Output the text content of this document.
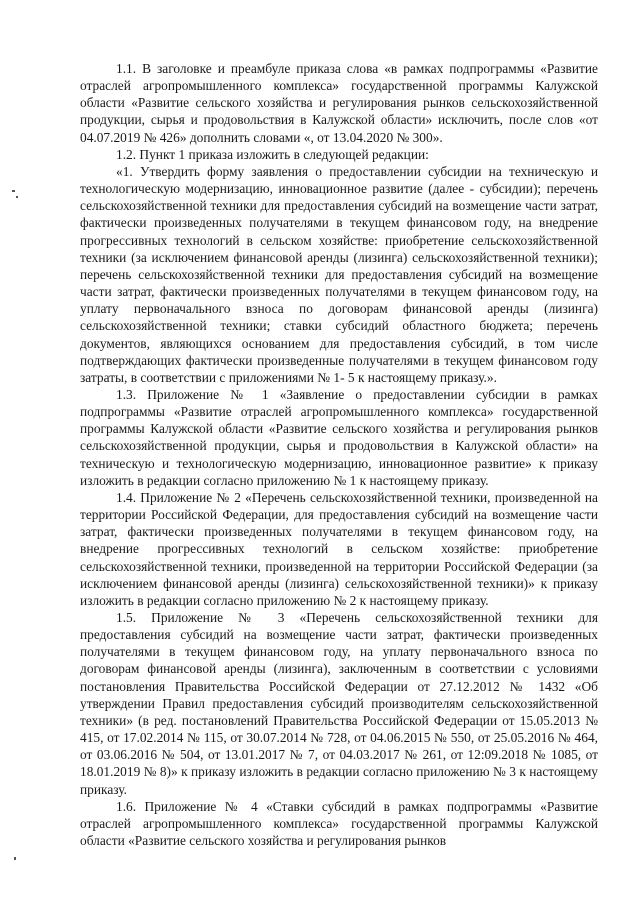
1.1. В заголовке и преамбуле приказа слова «в рамках подпрограммы «Развитие отраслей агропромышленного комплекса» государственной программы Калужской области «Развитие сельского хозяйства и регулирования рынков сельскохозяйственной продукции, сырья и продовольствия в Калужской области» исключить, после слов «от 04.07.2019 № 426» дополнить словами «, от 13.04.2020 № 300».

1.2. Пункт 1 приказа изложить в следующей редакции:

«1. Утвердить форму заявления о предоставлении субсидии на техническую и технологическую модернизацию, инновационное развитие (далее - субсидии); перечень сельскохозяйственной техники для предоставления субсидий на возмещение части затрат, фактически произведенных получателями в текущем финансовом году, на внедрение прогрессивных технологий в сельском хозяйстве: приобретение сельскохозяйственной техники (за исключением финансовой аренды (лизинга) сельскохозяйственной техники); перечень сельскохозяйственной техники для предоставления субсидий на возмещение части затрат, фактически произведенных получателями в текущем финансовом году, на уплату первоначального взноса по договорам финансовой аренды (лизинга) сельскохозяйственной техники; ставки субсидий областного бюджета; перечень документов, являющихся основанием для предоставления субсидий, в том числе подтверждающих фактически произведенные получателями в текущем финансовом году затраты, в соответствии с приложениями № 1- 5 к настоящему приказу.».

1.3. Приложение № 1 «Заявление о предоставлении субсидии в рамках подпрограммы «Развитие отраслей агропромышленного комплекса» государственной программы Калужской области «Развитие сельского хозяйства и регулирования рынков сельскохозяйственной продукции, сырья и продовольствия в Калужской области» на техническую и технологическую модернизацию, инновационное развитие» к приказу изложить в редакции согласно приложению № 1 к настоящему приказу.

1.4. Приложение № 2 «Перечень сельскохозяйственной техники, произведенной на территории Российской Федерации, для предоставления субсидий на возмещение части затрат, фактически произведенных получателями в текущем финансовом году, на внедрение прогрессивных технологий в сельском хозяйстве: приобретение сельскохозяйственной техники, произведенной на территории Российской Федерации (за исключением финансовой аренды (лизинга) сельскохозяйственной техники)» к приказу изложить в редакции согласно приложению № 2 к настоящему приказу.

1.5. Приложение № 3 «Перечень сельскохозяйственной техники для предоставления субсидий на возмещение части затрат, фактически произведенных получателями в текущем финансовом году, на уплату первоначального взноса по договорам финансовой аренды (лизинга), заключенным в соответствии с условиями постановления Правительства Российской Федерации от 27.12.2012 № 1432 «Об утверждении Правил предоставления субсидий производителям сельскохозяйственной техники» (в ред. постановлений Правительства Российской Федерации от 15.05.2013 № 415, от 17.02.2014 № 115, от 30.07.2014 № 728, от 04.06.2015 № 550, от 25.05.2016 № 464, от 03.06.2016 № 504, от 13.01.2017 № 7, от 04.03.2017 № 261, от 12:09.2018 № 1085, от 18.01.2019 № 8)» к приказу изложить в редакции согласно приложению № 3 к настоящему приказу.

1.6. Приложение № 4 «Ставки субсидий в рамках подпрограммы «Развитие отраслей агропромышленного комплекса» государственной программы Калужской области «Развитие сельского хозяйства и регулирования рынков
